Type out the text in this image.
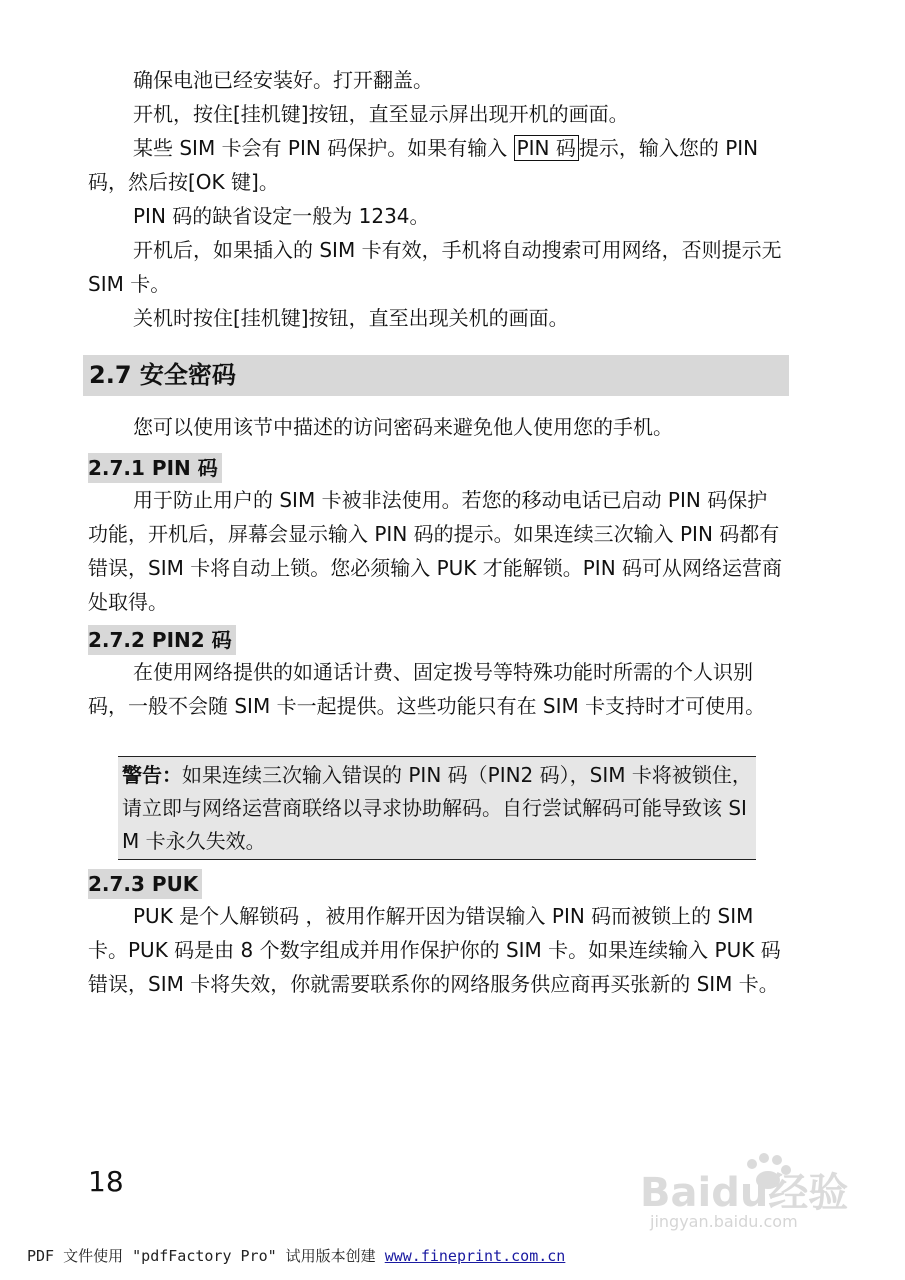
确保电池已经安装好。打开翻盖。

开机，按住[挂机键]按钮，直至显示屏出现开机的画面。

某些 SIM 卡会有 PIN 码保护。如果有输入 PIN 码 提示，输入您的 PIN 码，然后按[OK 键]。

PIN 码的缺省设定一般为 1234。

开机后，如果插入的 SIM 卡有效，手机将自动搜索可用网络，否则提示无 SIM 卡。

关机时按住[挂机键]按钮，直至出现关机的画面。

2.7 安全密码

您可以使用该节中描述的访问密码来避免他人使用您的手机。

2.7.1 PIN 码

用于防止用户的 SIM 卡被非法使用。若您的移动电话已启动 PIN 码保护功能，开机后，屏幕会显示输入 PIN 码的提示。如果连续三次输入 PIN 码都有错误，SIM 卡将自动上锁。您必须输入 PUK 才能解锁。PIN 码可从网络运营商处取得。

2.7.2 PIN2 码

在使用网络提供的如通话计费、固定拨号等特殊功能时所需的个人识别码，一般不会随 SIM 卡一起提供。这些功能只有在 SIM 卡支持时才可使用。

警告：如果连续三次输入错误的 PIN 码（PIN2 码），SIM 卡将被锁住，请立即与网络运营商联络以寻求协助解码。自行尝试解码可能导致该 SIM 卡永久失效。
2.7.3 PUK

PUK 是个人解锁码 ，被用作解开因为错误输入 PIN 码而被锁上的 SIM 卡。PUK 码是由 8 个数字组成并用作保护你的 SIM 卡。如果连续输入 PUK 码错误，SIM 卡将失效，你就需要联系你的网络服务供应商再买张新的 SIM 卡。

18	Baidu经验
jingyan.baidu.com
PDF 文件使用 "pdfFactory Pro" 试用版本创建 www.fineprint.com.cn
